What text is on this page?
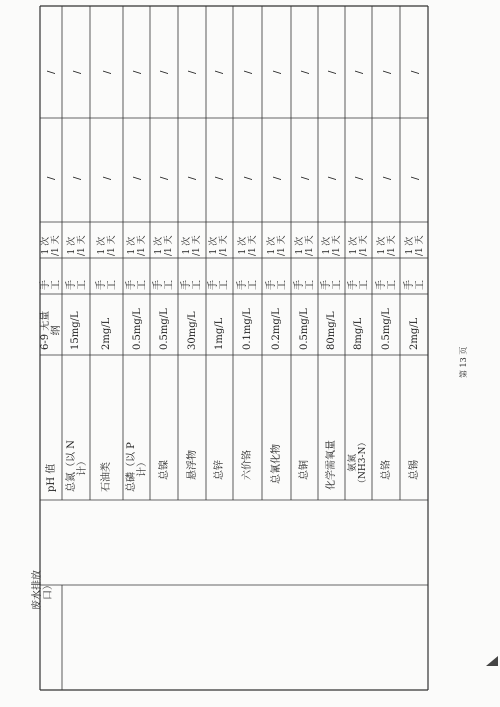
废水排放 口）
pH 值
6-9 无量 纲
手 工
1 次 /1 天
/
/
总氮（以 N 计）
15mg/L
手 工
1 次 /1 天
/
/
石油类
2mg/L
手 工
1 次 /1 天
/
/
总磷（以 P 计）
0.5mg/L
手 工
1 次 /1 天
/
/
总镍
0.5mg/L
手 工
1 次 /1 天
/
/
悬浮物
30mg/L
手 工
1 次 /1 天
/
/
总锌
1mg/L
手 工
1 次 /1 天
/
/
六价铬
0.1mg/L
手 工
1 次 /1 天
/
/
总氰化物
0.2mg/L
手 工
1 次 /1 天
/
/
总铜
0.5mg/L
手 工
1 次 /1 天
/
/
化学需氧量
80mg/L
手 工
1 次 /1 天
/
/
氨氮 （NH3-N）
8mg/L
手 工
1 次 /1 天
/
/
总铬
0.5mg/L
手 工
1 次 /1 天
/
/
总锡
2mg/L
手 工
1 次 /1 天
/
/
第 13 页
